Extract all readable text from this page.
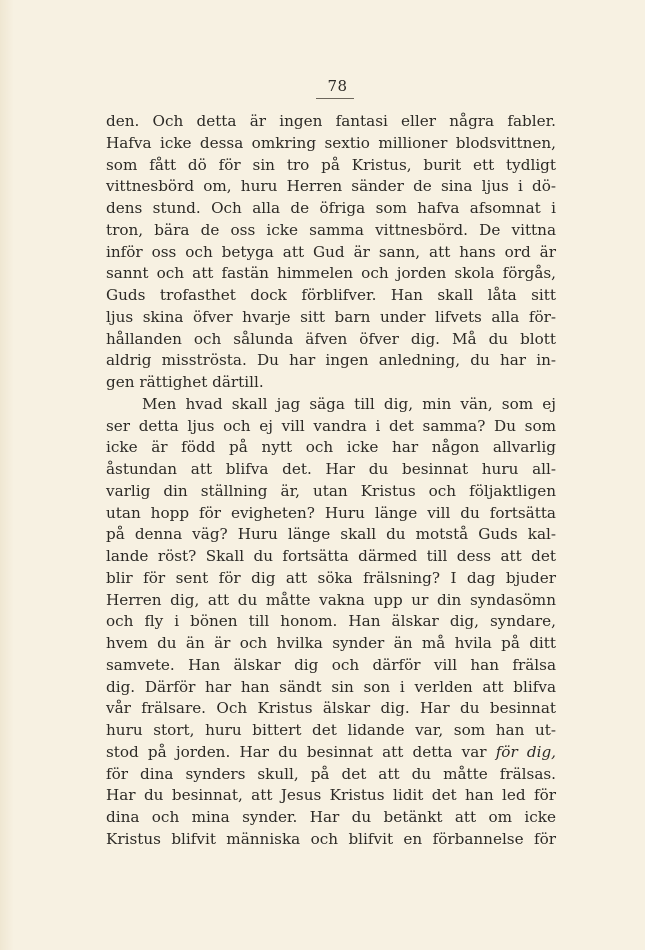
78
den. Och detta är ingen fantasi eller några fabler.
Hafva icke dessa omkring sextio millioner blodsvittnen,
som fått dö för sin tro på Kristus, burit ett tydligt
vittnesbörd om, huru Herren sänder de sina ljus i dö-
dens stund. Och alla de öfriga som hafva afsomnat i
tron, bära de oss icke samma vittnesbörd. De vittna
inför oss och betyga att Gud är sann, att hans ord är
sannt och att fastän himmelen och jorden skola förgås,
Guds trofasthet dock förblifver. Han skall låta sitt
ljus skina öfver hvarje sitt barn under lifvets alla för-
hållanden och sålunda äfven öfver dig. Må du blott
aldrig misströsta. Du har ingen anledning, du har in-
gen rättighet därtill.
Men hvad skall jag säga till dig, min vän, som ej
ser detta ljus och ej vill vandra i det samma? Du som
icke är född på nytt och icke har någon allvarlig
åstundan att blifva det. Har du besinnat huru all-
varlig din ställning är, utan Kristus och följaktligen
utan hopp för evigheten? Huru länge vill du fortsätta
på denna väg? Huru länge skall du motstå Guds kal-
lande röst? Skall du fortsätta därmed till dess att det
blir för sent för dig att söka frälsning? I dag bjuder
Herren dig, att du måtte vakna upp ur din syndasömn
och fly i bönen till honom. Han älskar dig, syndare,
hvem du än är och hvilka synder än må hvila på ditt
samvete. Han älskar dig och därför vill han frälsa
dig. Därför har han sändt sin son i verlden att blifva
vår frälsare. Och Kristus älskar dig. Har du besinnat
huru stort, huru bittert det lidande var, som han ut-
stod på jorden. Har du besinnat att detta var för dig,
för dina synders skull, på det att du måtte frälsas.
Har du besinnat, att Jesus Kristus lidit det han led för
dina och mina synder. Har du betänkt att om icke
Kristus blifvit människa och blifvit en förbannelse för
